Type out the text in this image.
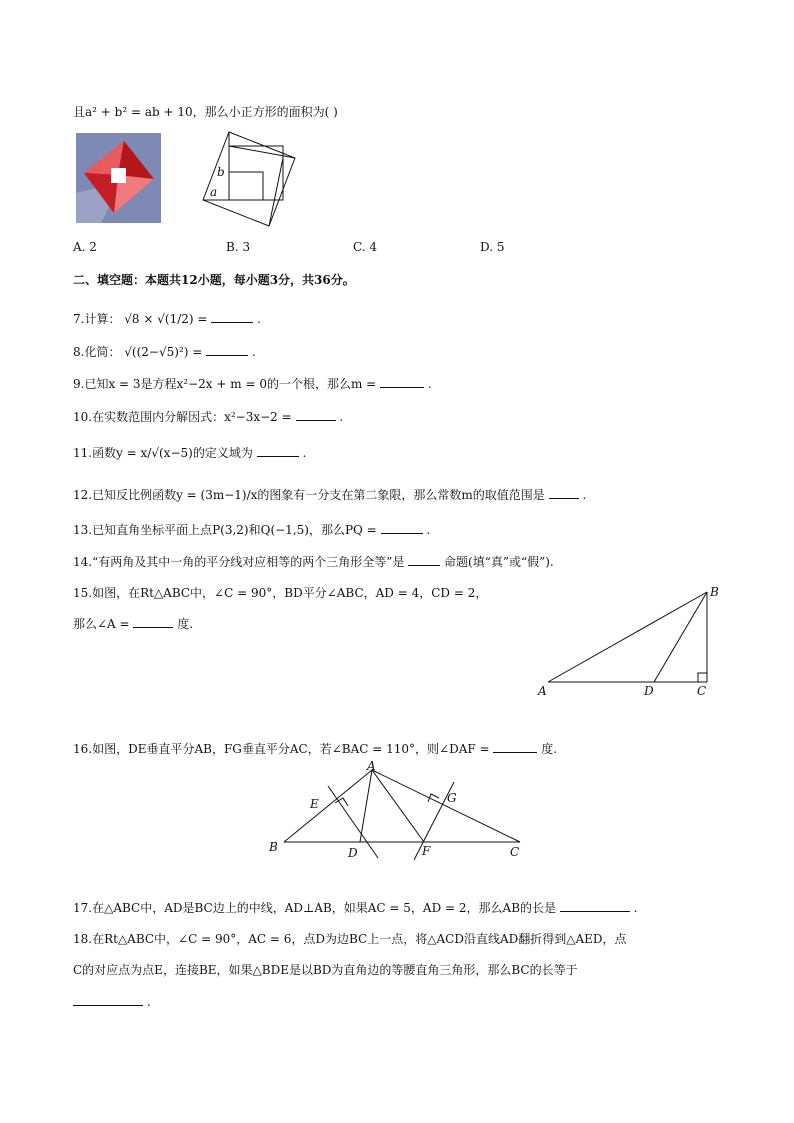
且a² + b² = ab + 10，那么小正方形的面积为( )
b
a
A. 2	B. 3	C. 4	D. 5
二、填空题：本题共12小题，每小题3分，共36分。
7.计算： √8 × √(1/2) =	.
8.化简： √((2−√5)²) =	.
9.已知x = 3是方程x²−2x + m = 0的一个根，那么m =	.
10.在实数范围内分解因式：x²−3x−2 =	.
11.函数y = x/√(x−5)的定义域为	.
12.已知反比例函数y = (3m−1)/x的图象有一分支在第二象限，那么常数m的取值范围是	.
13.已知直角坐标平面上点P(3,2)和Q(−1,5)，那么PQ =	.
14.“有两角及其中一角的平分线对应相等的两个三角形全等”是	命题(填“真”或“假”).
15.如图，在Rt△ABC中，∠C = 90°，BD平分∠ABC，AD = 4，CD = 2，
那么∠A =	度.
A
B
C
D
16.如图，DE垂直平分AB，FG垂直平分AC，若∠BAC = 110°，则∠DAF =	度.
A
B	C
D
E
F
G
17.在△ABC中，AD是BC边上的中线，AD⊥AB，如果AC = 5，AD = 2，那么AB的长是	.
18.在Rt△ABC中，∠C = 90°，AC = 6，点D为边BC上一点，将△ACD沿直线AD翻折得到△AED，点
C的对应点为点E，连接BE，如果△BDE是以BD为直角边的等腰直角三角形，那么BC的长等于
.
